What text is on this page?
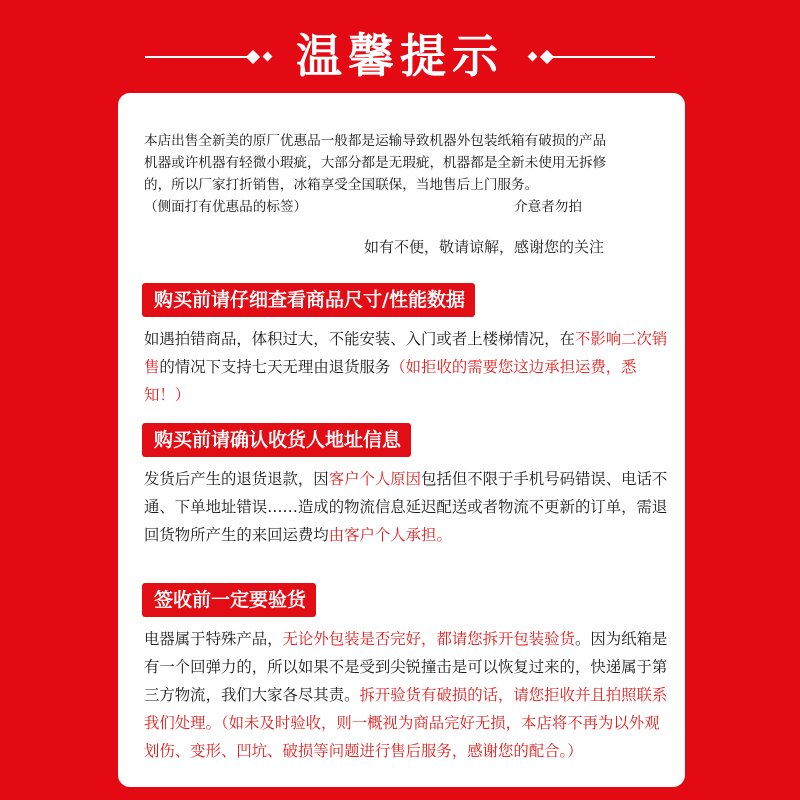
温馨提示
本店出售全新美的原厂优惠品一般都是运输导致机器外包装纸箱有破损的产品
机器或许机器有轻微小瑕疵，大部分都是无瑕疵，机器都是全新未使用无拆修
的，所以厂家打折销售，冰箱享受全国联保，当地售后上门服务。
（侧面打有优惠品的标签）	介意者勿拍
如有不便，敬请谅解，感谢您的关注
购买前请仔细查看商品尺寸/性能数据
如遇拍错商品，体积过大，不能安装、入门或者上楼梯情况，在不影响二次销售的情况下支持七天无理由退货服务（如拒收的需要您这边承担运费，悉知！）
购买前请确认收货人地址信息
发货后产生的退货退款，因客户个人原因包括但不限于手机号码错误、电话不通、下单地址错误……造成的物流信息延迟配送或者物流不更新的订单，需退回货物所产生的来回运费均由客户个人承担。
签收前一定要验货
电器属于特殊产品，无论外包装是否完好，都请您拆开包装验货。因为纸箱是有一个回弹力的，所以如果不是受到尖锐撞击是可以恢复过来的，快递属于第三方物流，我们大家各尽其责。拆开验货有破损的话，请您拒收并且拍照联系我们处理。（如未及时验收，则一概视为商品完好无损，本店将不再为以外观划伤、变形、凹坑、破损等问题进行售后服务，感谢您的配合。）
